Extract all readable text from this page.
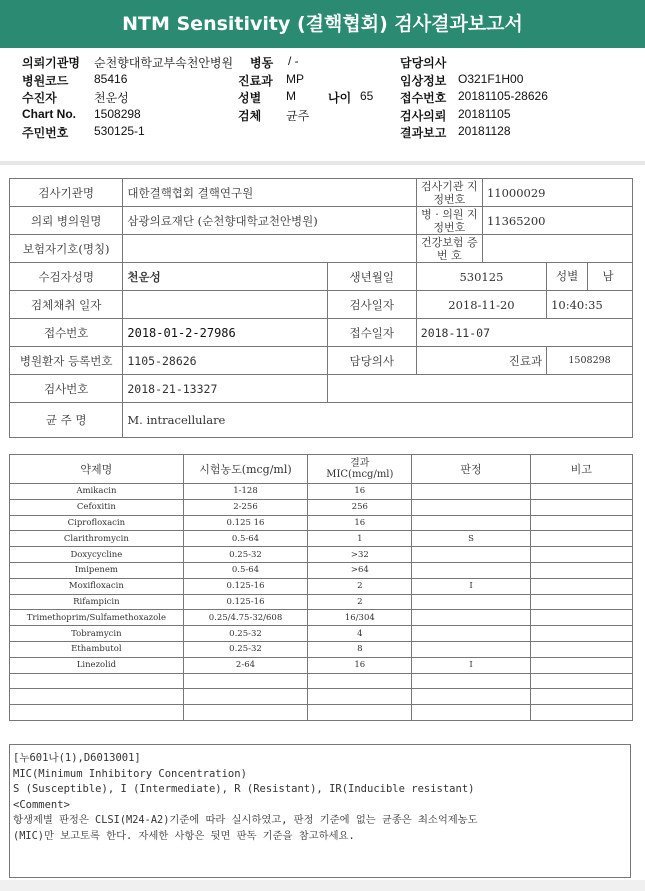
NTM Sensitivity (결핵협회) 검사결과보고서
의뢰기관명 순천향대학교부속천안병원 병동 / -	담당의사
병원코드 85416	진료과 MP	임상정보 O321F1H00
수진자	천운성	성별 M	나이 65 접수번호 20181105-28626
Chart No. 1508298	검체 균주	검사의뢰 20181105
주민번호 530125-1	결과보고 20181128
검사기관명	대한결핵협회 결핵연구원		검사기관 지정번호	11000029	
의뢰 병의원명	삼광의료재단 (순천향대학교천안병원)		병 · 의원 지정번호	11365200	
보험자기호(명칭)			건강보험 증 번 호		
수검자성명	천운성	생년월일	530125		성별 남
검체채취 일자		검사일자	2018-11-20		10:40:35
접수번호	2018-01-2-27986	접수일자	2018-11-07		
병원환자 등록번호	1105-28626	담당의사	진료과		1508298
검사번호	2018-21-13327				
균 주 명	M. intracellulare				
약제명	시험농도(mcg/ml)	결과 MIC(mcg/ml)	판정	비고
Amikacin	1-128	16		
Cefoxitin	2-256	256		
Ciprofloxacin	0.125 16	16		
Clarithromycin	0.5-64	1	S	
Doxycycline	0.25-32	>32		
Imipenem	0.5-64	>64		
Moxifloxacin	0.125-16	2	I	
Rifampicin	0.125-16	2		
Trimethoprim/Sulfamethoxazole	0.25/4.75-32/608	16/304		
Tobramycin	0.25-32	4		
Ethambutol	0.25-32	8		
Linezolid	2-64	16	I	

[누601나(1),D6013001]
MIC(Minimum Inhibitory Concentration)
S (Susceptible), I (Intermediate), R (Resistant), IR(Inducible resistant)
<Comment>
항생제별 판정은 CLSI(M24-A2)기준에 따라 실시하였고, 판정 기준에 없는 균종은 최소억제농도
(MIC)만 보고토록 한다. 자세한 사항은 뒷면 판독 기준을 참고하세요.
